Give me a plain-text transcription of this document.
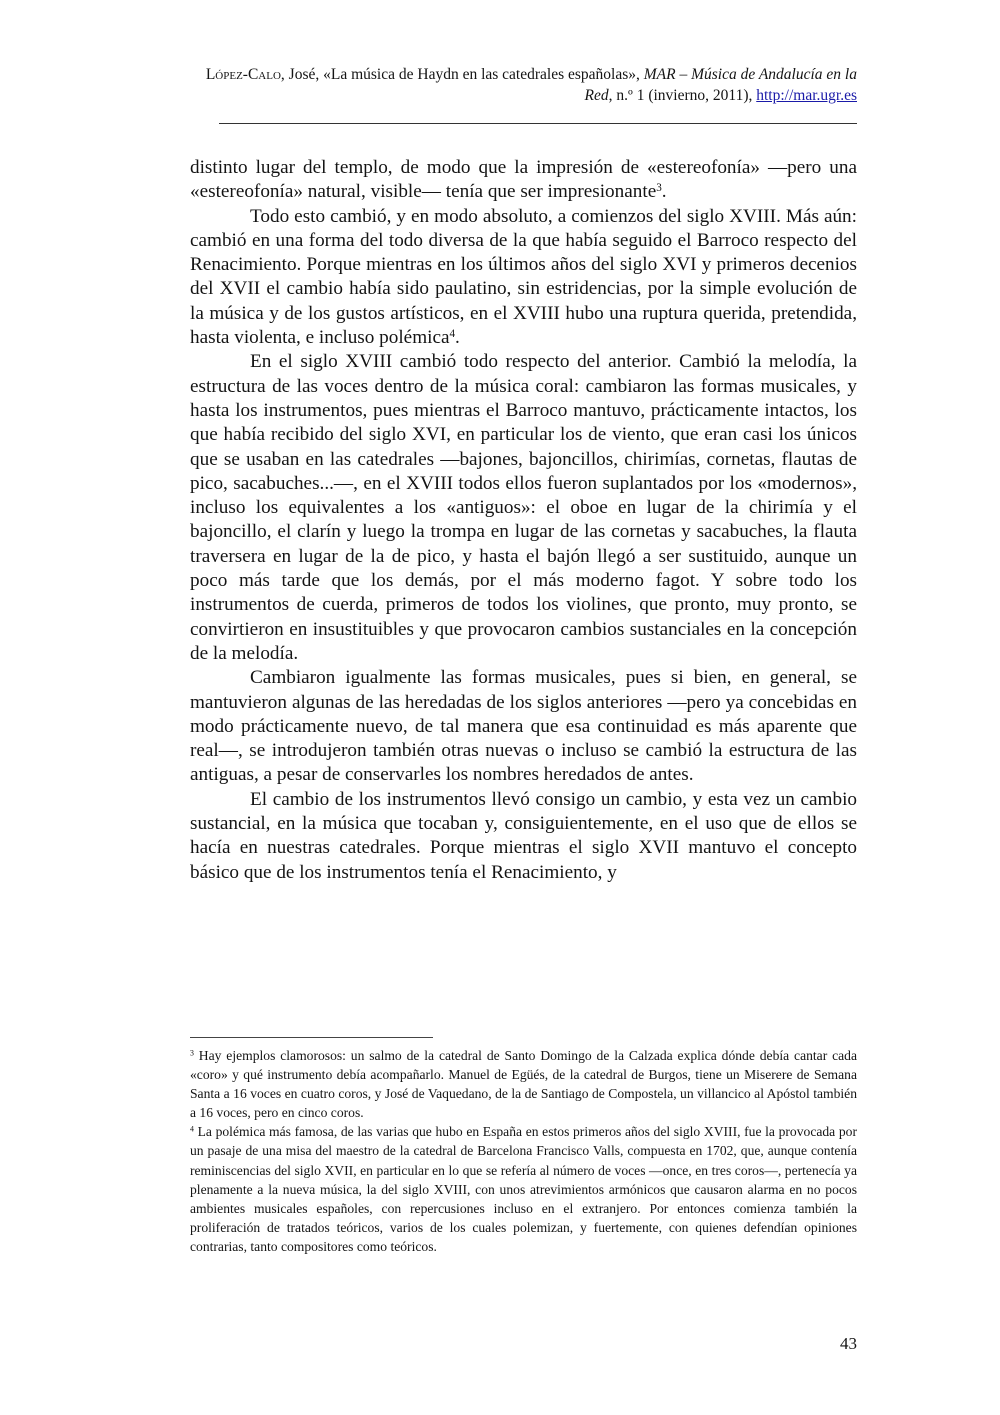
López-Calo, José, «La música de Haydn en las catedrales españolas», MAR – Música de Andalucía en la Red, n.º 1 (invierno, 2011), http://mar.ugr.es

distinto lugar del templo, de modo que la impresión de «estereofonía» —pero una «estereofonía» natural, visible— tenía que ser impresionante$^3$.

Todo esto cambió, y en modo absoluto, a comienzos del siglo XVIII. Más aún: cambió en una forma del todo diversa de la que había seguido el Barroco respecto del Renacimiento. Porque mientras en los últimos años del siglo XVI y primeros decenios del XVII el cambio había sido paulatino, sin estridencias, por la simple evolución de la música y de los gustos artísticos, en el XVIII hubo una ruptura querida, pretendida, hasta violenta, e incluso polémica$^4$.

En el siglo XVIII cambió todo respecto del anterior. Cambió la melodía, la estructura de las voces dentro de la música coral: cambiaron las formas musicales, y hasta los instrumentos, pues mientras el Barroco mantuvo, prácticamente intactos, los que había recibido del siglo XVI, en particular los de viento, que eran casi los únicos que se usaban en las catedrales —bajones, bajoncillos, chirimías, cornetas, flautas de pico, sacabuches...—, en el XVIII todos ellos fueron suplantados por los «modernos», incluso los equivalentes a los «antiguos»: el oboe en lugar de la chirimía y el bajoncillo, el clarín y luego la trompa en lugar de las cornetas y sacabuches, la flauta traversera en lugar de la de pico, y hasta el bajón llegó a ser sustituido, aunque un poco más tarde que los demás, por el más moderno fagot. Y sobre todo los instrumentos de cuerda, primeros de todos los violines, que pronto, muy pronto, se convirtieron en insustituibles y que provocaron cambios sustanciales en la concepción de la melodía.

Cambiaron igualmente las formas musicales, pues si bien, en general, se mantuvieron algunas de las heredadas de los siglos anteriores —pero ya concebidas en modo prácticamente nuevo, de tal manera que esa continuidad es más aparente que real—, se introdujeron también otras nuevas o incluso se cambió la estructura de las antiguas, a pesar de conservarles los nombres heredados de antes.

El cambio de los instrumentos llevó consigo un cambio, y esta vez un cambio sustancial, en la música que tocaban y, consiguientemente, en el uso que de ellos se hacía en nuestras catedrales. Porque mientras el siglo XVII mantuvo el concepto básico que de los instrumentos tenía el Renacimiento, y

$^3$ Hay ejemplos clamorosos: un salmo de la catedral de Santo Domingo de la Calzada explica dónde debía cantar cada «coro» y qué instrumento debía acompañarlo. Manuel de Egüés, de la catedral de Burgos, tiene un Miserere de Semana Santa a 16 voces en cuatro coros, y José de Vaquedano, de la de Santiago de Compostela, un villancico al Apóstol también a 16 voces, pero en cinco coros.

$^4$ La polémica más famosa, de las varias que hubo en España en estos primeros años del siglo XVIII, fue la provocada por un pasaje de una misa del maestro de la catedral de Barcelona Francisco Valls, compuesta en 1702, que, aunque contenía reminiscencias del siglo XVII, en particular en lo que se refería al número de voces —once, en tres coros—, pertenecía ya plenamente a la nueva música, la del siglo XVIII, con unos atrevimientos armónicos que causaron alarma en no pocos ambientes musicales españoles, con repercusiones incluso en el extranjero. Por entonces comienza también la proliferación de tratados teóricos, varios de los cuales polemizan, y fuertemente, con quienes defendían opiniones contrarias, tanto compositores como teóricos.

43
